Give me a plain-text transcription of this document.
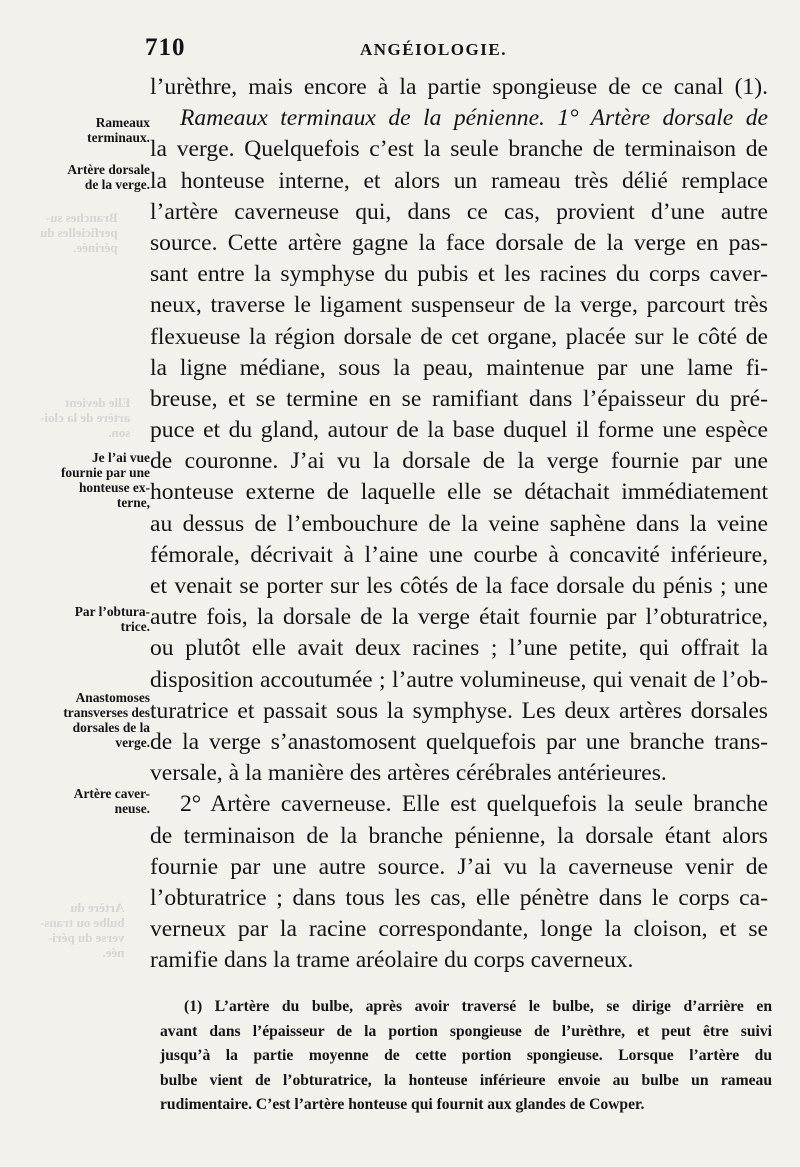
Branches su-
perficielles du
périnée.
Elle devient
artère de la cloi-
son.
Artère du
bulbe ou trans-
verse du péri-
née.
710	ANGÉIOLOGIE.
Rameaux
terminaux.
Artère dorsale
de la verge.
Je l’ai vue
fournie par une
honteuse ex-
terne,
Par l’obtura-
trice.
Anastomoses
transverses des
dorsales de la
verge.
Artère caver-
neuse.
l’urèthre, mais encore à la partie spongieuse de ce canal (1).
Rameaux terminaux de la pénienne. 1° Artère dorsale de
la verge. Quelquefois c’est la seule branche de terminaison de
la honteuse interne, et alors un rameau très délié remplace
l’artère caverneuse qui, dans ce cas, provient d’une autre
source. Cette artère gagne la face dorsale de la verge en pas-
sant entre la symphyse du pubis et les racines du corps caver-
neux, traverse le ligament suspenseur de la verge, parcourt très
flexueuse la région dorsale de cet organe, placée sur le côté de
la ligne médiane, sous la peau, maintenue par une lame fi-
breuse, et se termine en se ramifiant dans l’épaisseur du pré-
puce et du gland, autour de la base duquel il forme une espèce
de couronne. J’ai vu la dorsale de la verge fournie par une
honteuse externe de laquelle elle se détachait immédiatement
au dessus de l’embouchure de la veine saphène dans la veine
fémorale, décrivait à l’aine une courbe à concavité inférieure,
et venait se porter sur les côtés de la face dorsale du pénis ; une
autre fois, la dorsale de la verge était fournie par l’obturatrice,
ou plutôt elle avait deux racines ; l’une petite, qui offrait la
disposition accoutumée ; l’autre volumineuse, qui venait de l’ob-
turatrice et passait sous la symphyse. Les deux artères dorsales
de la verge s’anastomosent quelquefois par une branche trans-
versale, à la manière des artères cérébrales antérieures.
2° Artère caverneuse. Elle est quelquefois la seule branche
de terminaison de la branche pénienne, la dorsale étant alors
fournie par une autre source. J’ai vu la caverneuse venir de
l’obturatrice ; dans tous les cas, elle pénètre dans le corps ca-
verneux par la racine correspondante, longe la cloison, et se
ramifie dans la trame aréolaire du corps caverneux.
(1) L’artère du bulbe, après avoir traversé le bulbe, se dirige d’arrière en
avant dans l’épaisseur de la portion spongieuse de l’urèthre, et peut être suivi
jusqu’à la partie moyenne de cette portion spongieuse. Lorsque l’artère du
bulbe vient de l’obturatrice, la honteuse inférieure envoie au bulbe un rameau
rudimentaire. C’est l’artère honteuse qui fournit aux glandes de Cowper.
